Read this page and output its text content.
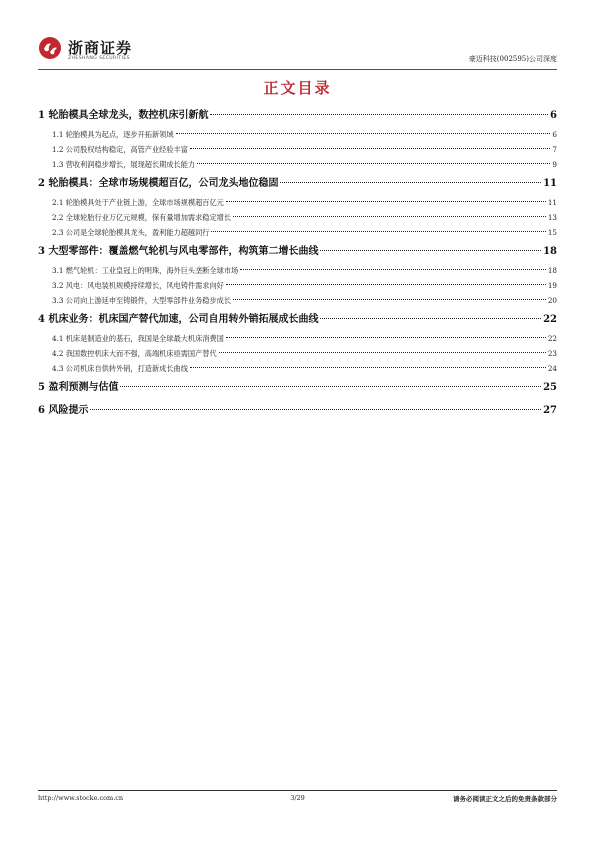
浙商证券
ZHESHANG SECURITIES	豪迈科技(002595)公司深度
正文目录
1 轮胎模具全球龙头，数控机床引新航	6
1.1 轮胎模具为起点，逐步开拓新领域	6
1.2 公司股权结构稳定，高管产业经验丰富	7
1.3 营收利润稳步增长，展现超长期成长能力	9
2 轮胎模具：全球市场规模超百亿，公司龙头地位稳固	11
2.1 轮胎模具处于产业链上游，全球市场规模超百亿元	11
2.2 全球轮胎行业万亿元规模，保有量增加需求稳定增长	13
2.3 公司是全球轮胎模具龙头，盈利能力超越同行	15
3 大型零部件：覆盖燃气轮机与风电零部件，构筑第二增长曲线	18
3.1 燃气轮机：工业皇冠上的明珠，海外巨头垄断全球市场	18
3.2 风电：风电装机规模持续增长，风电铸件需求向好	19
3.3 公司向上游延申至铸锻件，大型零部件业务稳步成长	20
4 机床业务：机床国产替代加速，公司自用转外销拓展成长曲线	22
4.1 机床是制造业的基石，我国是全球最大机床消费国	22
4.2 我国数控机床大而不强，高端机床亟需国产替代	23
4.3 公司机床自供转外销，打造新成长曲线	24
5 盈利预测与估值	25
6 风险提示	27
http://www.stocke.com.cn	3/29	请务必阅读正文之后的免责条款部分
